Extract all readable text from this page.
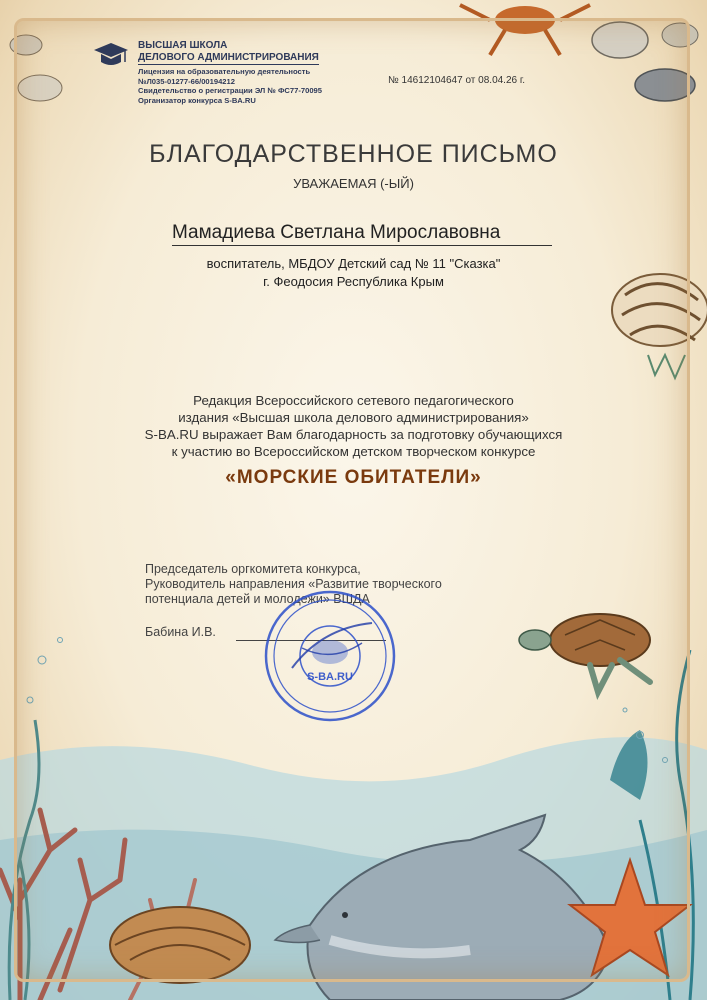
ВЫСШАЯ ШКОЛА
ДЕЛОВОГО АДМИНИСТРИРОВАНИЯ
Лицензия на образовательную деятельность
№Л035-01277-66/00194212
Свидетельство о регистрации ЭЛ № ФС77-70095
Организатор конкурса S-BA.RU
№ 14612104647 от 08.04.26 г.
БЛАГОДАРСТВЕННОЕ ПИСЬМО
УВАЖАЕМАЯ (-ЫЙ)
Мамадиева Светлана Мирославовна
воспитатель, МБДОУ Детский сад № 11 "Сказка"
г. Феодосия Республика Крым
Редакция Всероссийского сетевого педагогического
издания «Высшая школа делового администрирования»
S-BA.RU выражает Вам благодарность за подготовку обучающихся
к участию во Всероссийском детском творческом конкурсе
«МОРСКИЕ ОБИТАТЕЛИ»
Председатель оргкомитета конкурса,
Руководитель направления «Развитие творческого
потенциала детей и молодежи» ВШДА
Бабина И.В.
S-BA.RU
